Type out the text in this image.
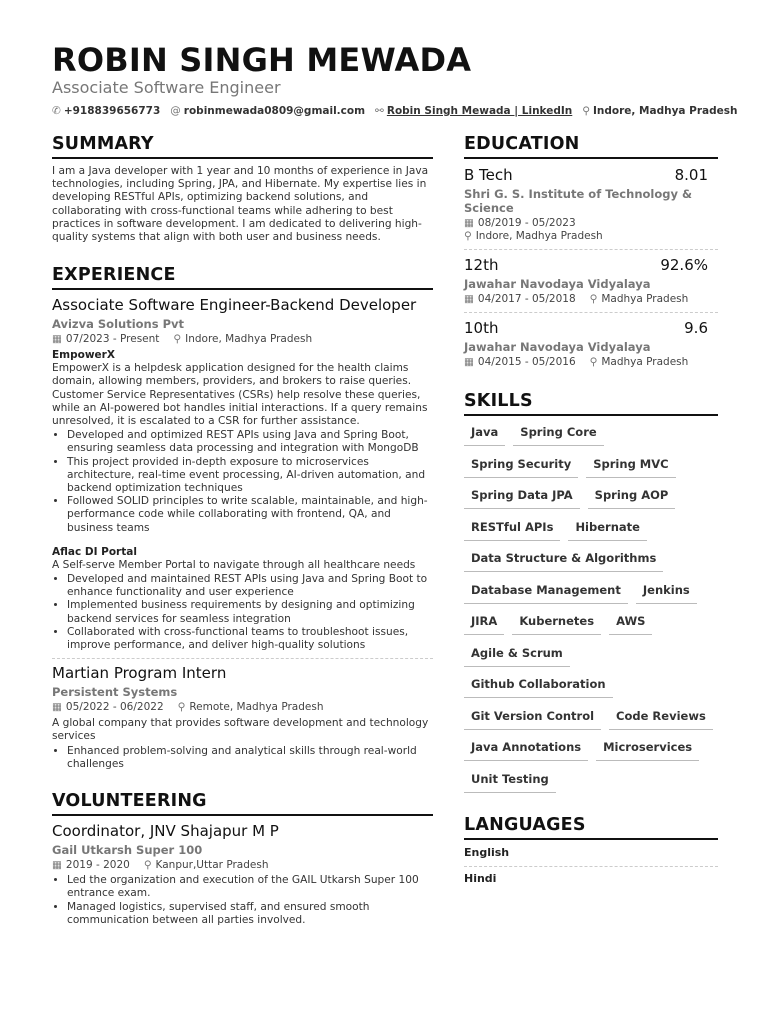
ROBIN SINGH MEWADA
Associate Software Engineer
✆ +918839656773 @ robinmewada0809@gmail.com ⚯ Robin Singh Mewada | LinkedIn ⚲ Indore, Madhya Pradesh
SUMMARY

I am a Java developer with 1 year and 10 months of experience in Java technologies, including Spring, JPA, and Hibernate. My expertise lies in developing RESTful APIs, optimizing backend solutions, and collaborating with cross-functional teams while adhering to best practices in software development. I am dedicated to delivering high-quality systems that align with both user and business needs.

EXPERIENCE
Associate Software Engineer-Backend Developer
Avizva Solutions Pvt
▦ 07/2023 - Present ⚲ Indore, Madhya Pradesh
EmpowerX

EmpowerX is a helpdesk application designed for the health claims domain, allowing members, providers, and brokers to raise queries. Customer Service Representatives (CSRs) help resolve these queries, while an AI-powered bot handles initial interactions. If a query remains unresolved, it is escalated to a CSR for further assistance.

• Developed and optimized REST APIs using Java and Spring Boot, ensuring seamless data processing and integration with MongoDB
• This project provided in-depth exposure to microservices architecture, real-time event processing, AI-driven automation, and backend optimization techniques
• Followed SOLID principles to write scalable, maintainable, and high-performance code while collaborating with frontend, QA, and business teams
Aflac DI Portal

A Self-serve Member Portal to navigate through all healthcare needs

• Developed and maintained REST APIs using Java and Spring Boot to enhance functionality and user experience
• Implemented business requirements by designing and optimizing backend services for seamless integration
• Collaborated with cross-functional teams to troubleshoot issues, improve performance, and deliver high-quality solutions
Martian Program Intern
Persistent Systems
▦ 05/2022 - 06/2022 ⚲ Remote, Madhya Pradesh

A global company that provides software development and technology services

• Enhanced problem-solving and analytical skills through real-world challenges
VOLUNTEERING
Coordinator, JNV Shajapur M P
Gail Utkarsh Super 100
▦ 2019 - 2020 ⚲ Kanpur,Uttar Pradesh
• Led the organization and execution of the GAIL Utkarsh Super 100 entrance exam.
• Managed logistics, supervised staff, and ensured smooth communication between all parties involved.
EDUCATION
B Tech	8.01
Shri G. S. Institute of Technology & Science
▦ 08/2019 - 05/2023
⚲ Indore, Madhya Pradesh
12th	92.6%
Jawahar Navodaya Vidyalaya
▦ 04/2017 - 05/2018 ⚲ Madhya Pradesh
10th	9.6
Jawahar Navodaya Vidyalaya
▦ 04/2015 - 05/2016 ⚲ Madhya Pradesh
SKILLS
Java	Spring Core
Spring Security	Spring MVC
Spring Data JPA	Spring AOP
RESTful APIs	Hibernate
Data Structure & Algorithms
Database Management	Jenkins
JIRA	Kubernetes	AWS
Agile & Scrum
Github Collaboration
Git Version Control	Code Reviews
Java Annotations	Microservices
Unit Testing
LANGUAGES
English
Hindi
